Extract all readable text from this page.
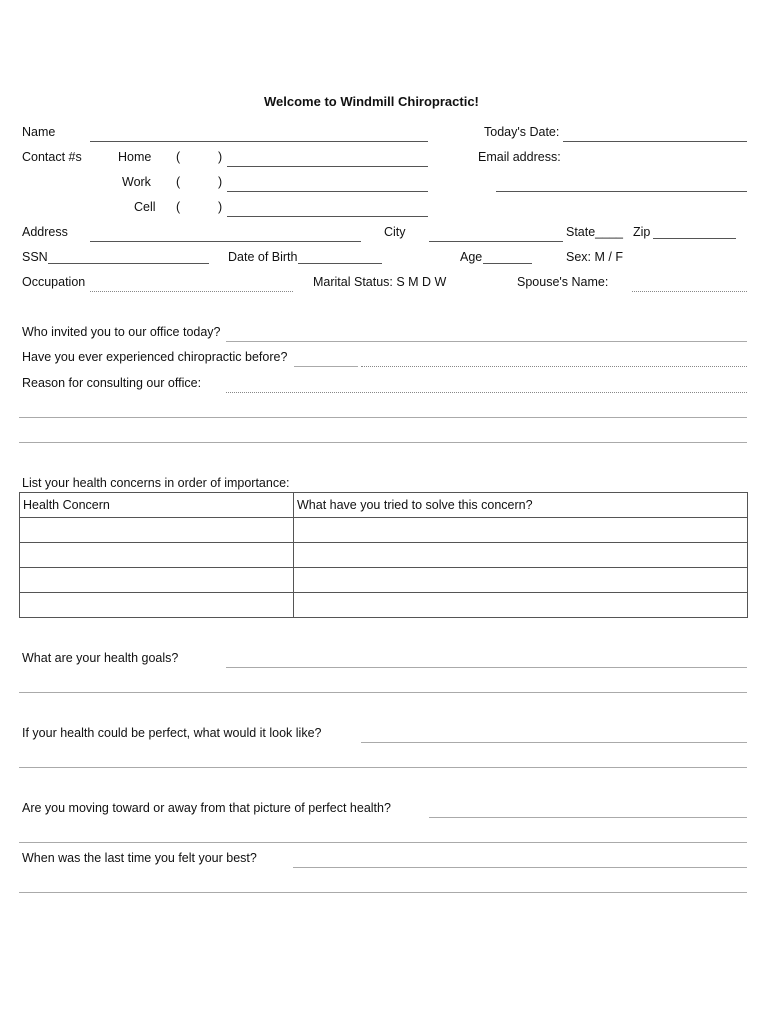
Welcome to Windmill Chiropractic!
Name	Today's Date:
Contact #s	Home (	)	Email address:
Work (	)
Cell (	)
Address	City	State____ Zip
SSN	Date of Birth	Age	Sex: M / F
Occupation	Marital Status: S M D W	Spouse's Name:
Who invited you to our office today?
Have you ever experienced chiropractic before?
Reason for consulting our office:
List your health concerns in order of importance:
Health Concern	What have you tried to solve this concern?

What are your health goals?
If your health could be perfect, what would it look like?
Are you moving toward or away from that picture of perfect health?
When was the last time you felt your best?
